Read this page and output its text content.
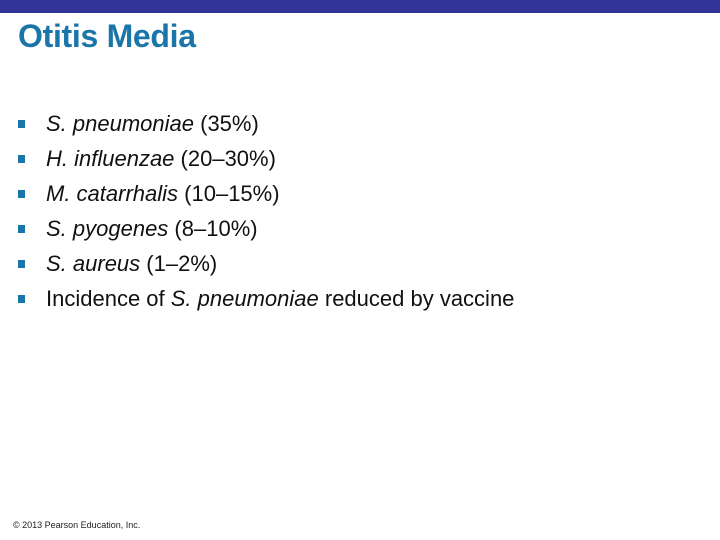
Otitis Media
S. pneumoniae (35%)
H. influenzae (20–30%)
M. catarrhalis (10–15%)
S. pyogenes (8–10%)
S. aureus (1–2%)
Incidence of S. pneumoniae reduced by vaccine
© 2013 Pearson Education, Inc.
